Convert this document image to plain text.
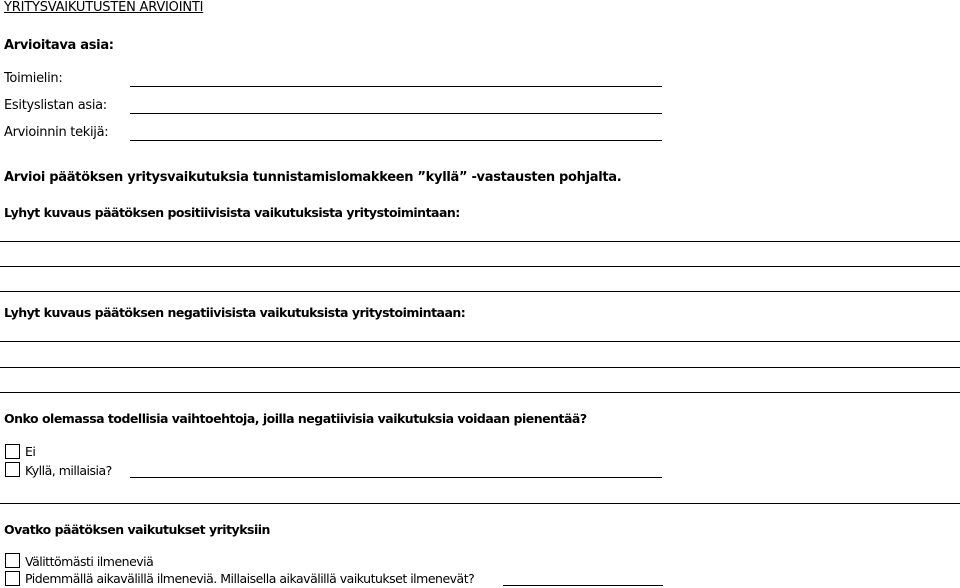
YRITYSVAIKUTUSTEN ARVIOINTI
Arvioitava asia:
Toimielin:
Esityslistan asia:
Arvioinnin tekijä:
Arvioi päätöksen yritysvaikutuksia tunnistamislomakkeen ”kyllä” -vastausten pohjalta.
Lyhyt kuvaus päätöksen positiivisista vaikutuksista yritystoimintaan:
Lyhyt kuvaus päätöksen negatiivisista vaikutuksista yritystoimintaan:
Onko olemassa todellisia vaihtoehtoja, joilla negatiivisia vaikutuksia voidaan pienentää?
Ei
Kyllä, millaisia?
Ovatko päätöksen vaikutukset yrityksiin
Välittömästi ilmeneviä
Pidemmällä aikavälillä ilmeneviä. Millaisella aikavälillä vaikutukset ilmenevät?
